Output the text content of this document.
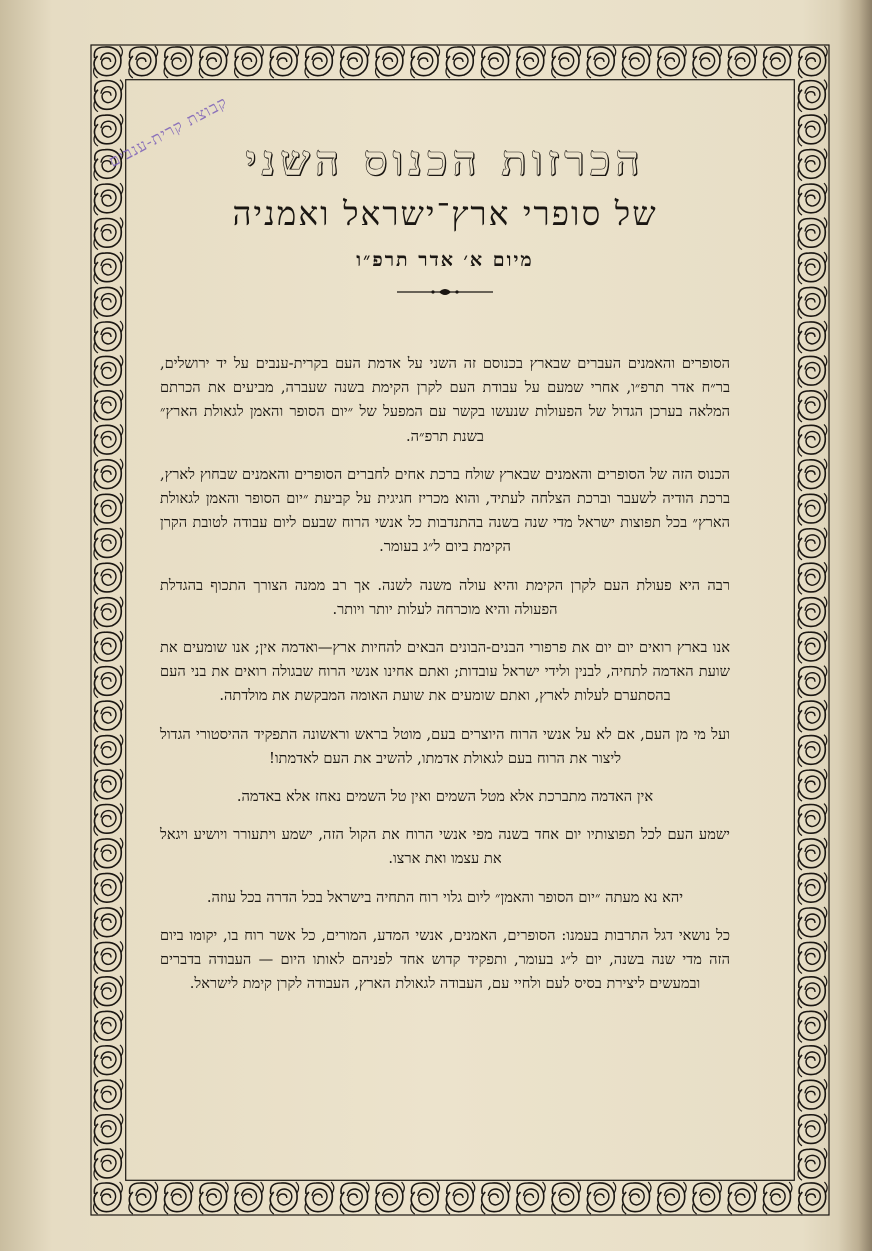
קבוצת קרית-ענבים הכרזות הכנוס השני
של סופרי ארץ־ישראל ואמניה
מיום א׳ אדר תרפ״ו

הסופרים והאמנים העברים שבארץ בכנוסם זה השני על אדמת העם בקרית-ענבים על יד ירושלים, בר״ח אדר תרפ״ו, אחרי שמעם על עבודת העם לקרן הקימת בשנה שעברה, מביעים את הכרתם המלאה בערכן הגדול של הפעולות שנעשו בקשר עם המפעל של ״יום הסופר והאמן לגאולת הארץ״ בשנת תרפ״ה.

הכנוס הזה של הסופרים והאמנים שבארץ שולח ברכת אחים לחברים הסופרים והאמנים שבחוץ לארץ, ברכת הודיה לשעבר וברכת הצלחה לעתיד, והוא מכריז חגיגית על קביעת ״יום הסופר והאמן לגאולת הארץ״ בכל תפוצות ישראל מדי שנה בשנה בהתנדבות כל אנשי הרוח שבעם ליום עבודה לטובת הקרן הקימת ביום ל״ג בעומר.

רבה היא פעולת העם לקרן הקימת והיא עולה משנה לשנה. אך רב ממנה הצורך התכוף בהגדלת הפעולה והיא מוכרחה לעלות יותר ויותר.

אנו בארץ רואים יום יום את פרפורי הבנים-הבונים הבאים להחיות ארץ—ואדמה אין; אנו שומעים את שועת האדמה לתחיה, לבנין ולידי ישראל עובדות; ואתם אחינו אנשי הרוח שבגולה רואים את בני העם בהסתערם לעלות לארץ, ואתם שומעים את שועת האומה המבקשת את מולדתה.

ועל מי מן העם, אם לא על אנשי הרוח היוצרים בעם, מוטל בראש וראשונה התפקיד ההיסטורי הגדול ליצור את הרוח בעם לגאולת אדמתו, להשיב את העם לאדמתו!

אין האדמה מתברכת אלא מטל השמים ואין טל השמים נאחז אלא באדמה.

ישמע העם לכל תפוצותיו יום אחד בשנה מפי אנשי הרוח את הקול הזה, ישמע ויתעורר ויושיע ויגאל את עצמו ואת ארצו.

יהא נא מעתה ״יום הסופר והאמן״ ליום גלוי רוח התחיה בישראל בכל הדרה בכל עוזה.

כל נושאי דגל התרבות בעמנו: הסופרים, האמנים, אנשי המדע, המורים, כל אשר רוח בו, יקומו ביום הזה מדי שנה בשנה, יום ל״ג בעומר, ותפקיד קדוש אחד לפניהם לאותו היום — העבודה בדברים ובמעשים ליצירת בסיס לעם ולחיי עם, העבודה לגאולת הארץ, העבודה לקרן קימת לישראל.
